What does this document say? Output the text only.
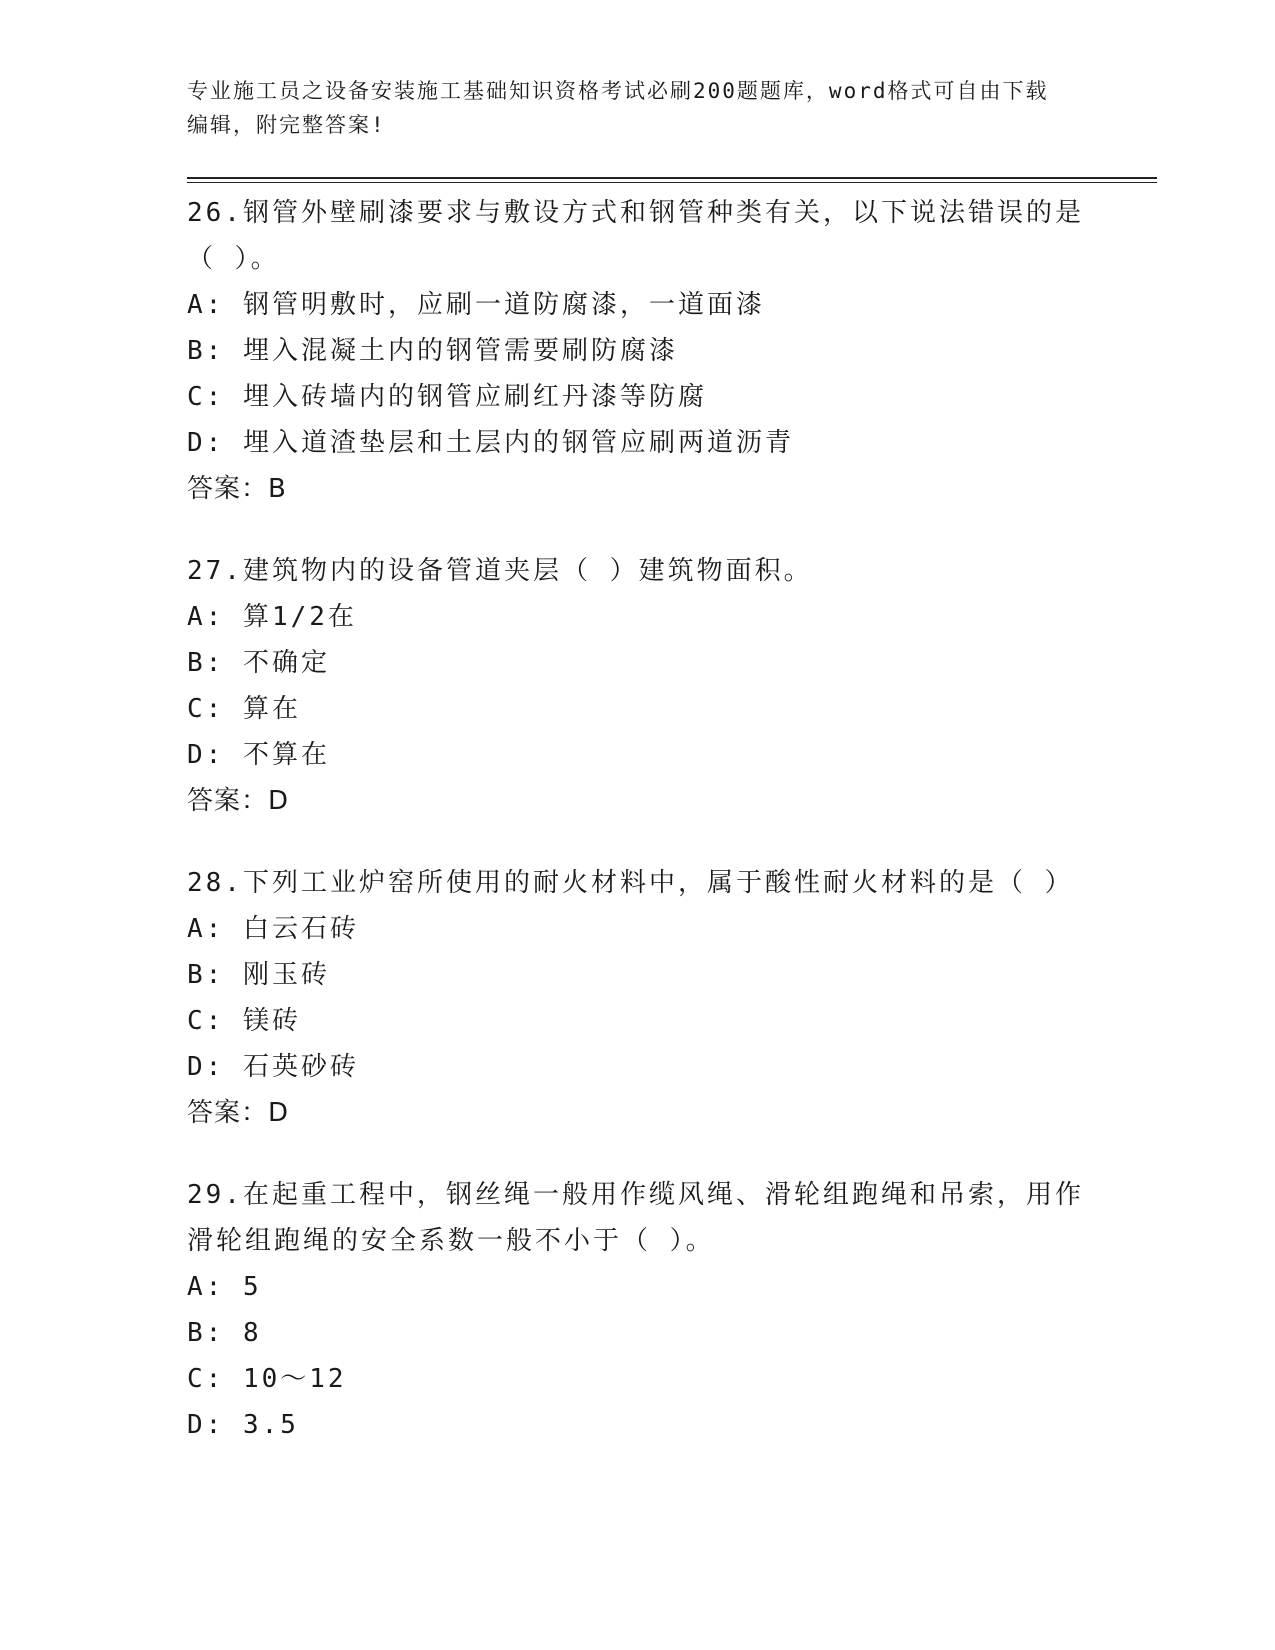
专业施工员之设备安装施工基础知识资格考试必刷200题题库，word格式可自由下载编辑，附完整答案!

26.钢管外壁刷漆要求与敷设方式和钢管种类有关，以下说法错误的是（ ）。

A: 钢管明敷时，应刷一道防腐漆，一道面漆

B: 埋入混凝土内的钢管需要刷防腐漆

C: 埋入砖墙内的钢管应刷红丹漆等防腐

D: 埋入道渣垫层和土层内的钢管应刷两道沥青

答案：B

27.建筑物内的设备管道夹层（ ）建筑物面积。

A: 算1/2在

B: 不确定

C: 算在

D: 不算在

答案：D

28.下列工业炉窑所使用的耐火材料中，属于酸性耐火材料的是（ ）

A: 白云石砖

B: 刚玉砖

C: 镁砖

D: 石英砂砖

答案：D

29.在起重工程中，钢丝绳一般用作缆风绳、滑轮组跑绳和吊索，用作滑轮组跑绳的安全系数一般不小于（ ）。

A: 5

B: 8

C: 10～12

D: 3.5
